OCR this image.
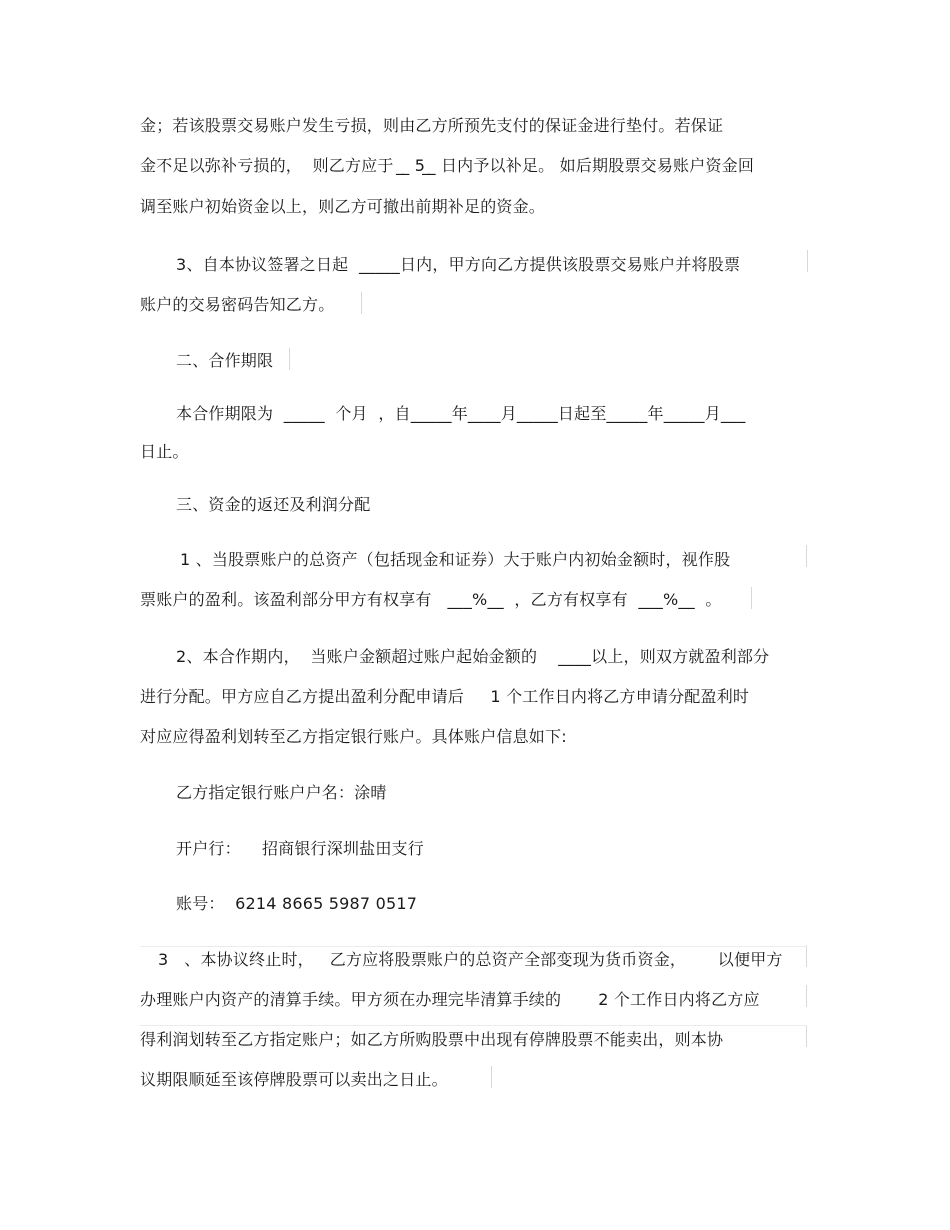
金；若该股票交易账户发生亏损，则由乙方所预先支付的保证金进行垫付。若保证
金不足以弥补亏损的，  则乙方应于  ̲ ̲ 5 ̲ ̲ 日内予以补足。 如后期股票交易账户资金回
调至账户初始资金以上，则乙方可撤出前期补足的资金。
3、自本协议签署之日起  _____日内，甲方向乙方提供该股票交易账户并将股票
账户的交易密码告知乙方。
二、合作期限
本合作期限为  _____  个月  ，自_____年____月_____日起至_____年_____月___
日止。
三、资金的返还及利润分配
1 、当股票账户的总资产（包括现金和证券）大于账户内初始金额时，视作股
票账户的盈利。该盈利部分甲方有权享有   ___%__  ，乙方有权享有  ___%__  。
2、本合作期内，  当账户金额超过账户起始金额的    ____以上，则双方就盈利部分
进行分配。甲方应自乙方提出盈利分配申请后     1 个工作日内将乙方申请分配盈利时
对应应得盈利划转至乙方指定银行账户。具体账户信息如下:
乙方指定银行账户户名：涂晴
开户行：    招商银行深圳盐田支行
账号：  6214 8665 5987 0517
3   、本协议终止时，   乙方应将股票账户的总资产全部变现为货币资金，      以便甲方
办理账户内资产的清算手续。甲方须在办理完毕清算手续的       2 个工作日内将乙方应
得利润划转至乙方指定账户；如乙方所购股票中出现有停牌股票不能卖出，则本协
议期限顺延至该停牌股票可以卖出之日止。
